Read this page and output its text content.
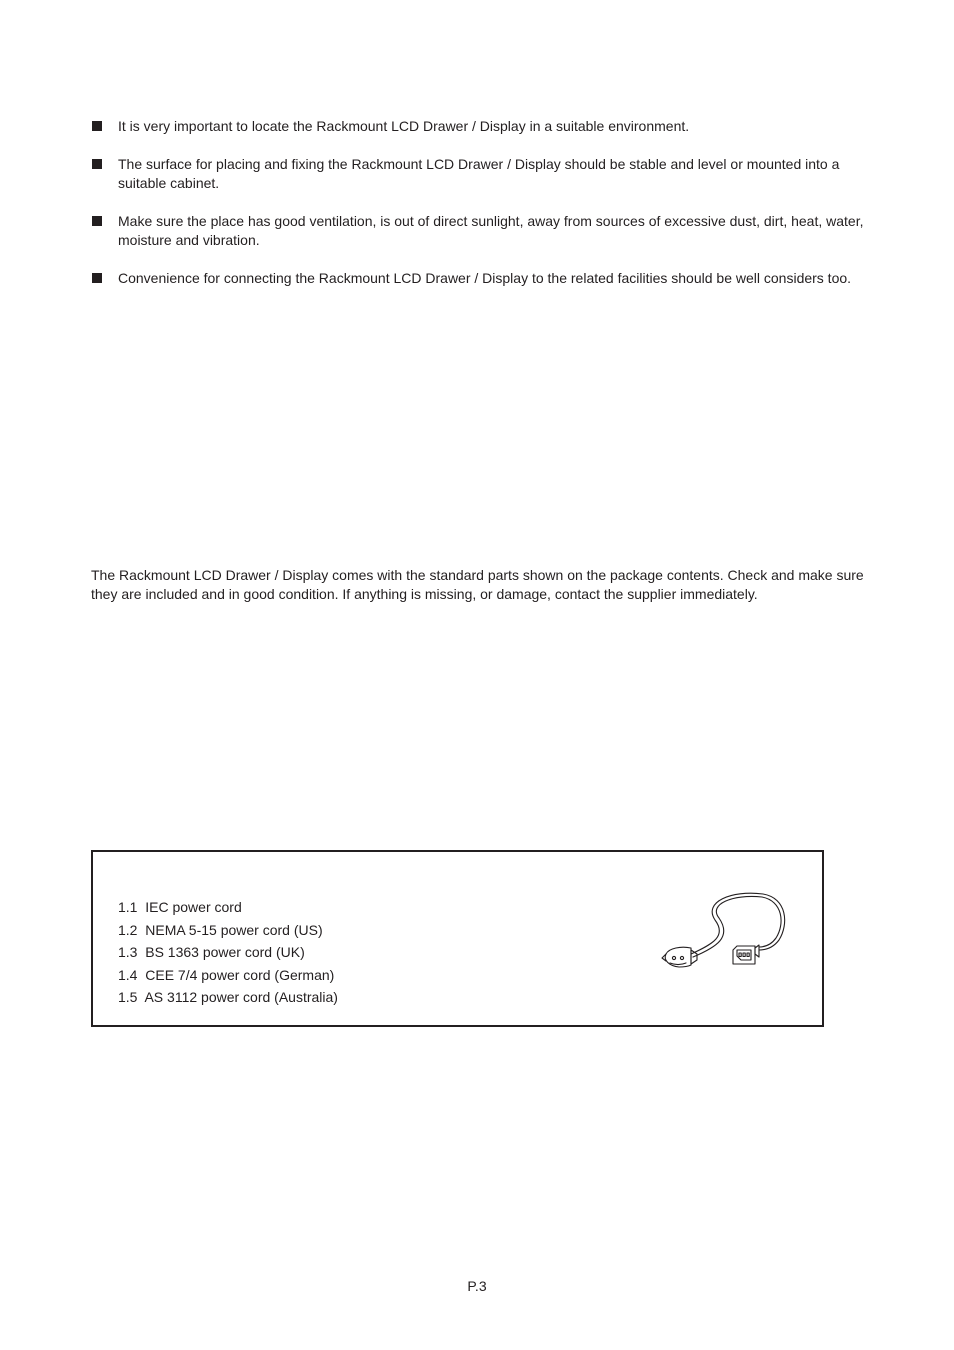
It is very important to locate the Rackmount LCD Drawer / Display in a suitable environment.
The surface for placing and fixing the Rackmount LCD Drawer / Display should be stable and level or mounted into a suitable cabinet.
Make sure the place has good ventilation, is out of direct sunlight, away from sources of excessive dust, dirt, heat, water, moisture and vibration.
Convenience for connecting the Rackmount LCD Drawer / Display to the related facilities should be well considers too.

The Rackmount LCD Drawer / Display comes with the standard parts shown on the package contents. Check and make sure they are included and in good condition. If anything is missing, or damage, contact the supplier immediately.

1.1  IEC power cord
1.2  NEMA 5-15 power cord (US)
1.3  BS 1363 power cord (UK)
1.4  CEE 7/4 power cord (German)
1.5  AS 3112 power cord (Australia)
P.3
